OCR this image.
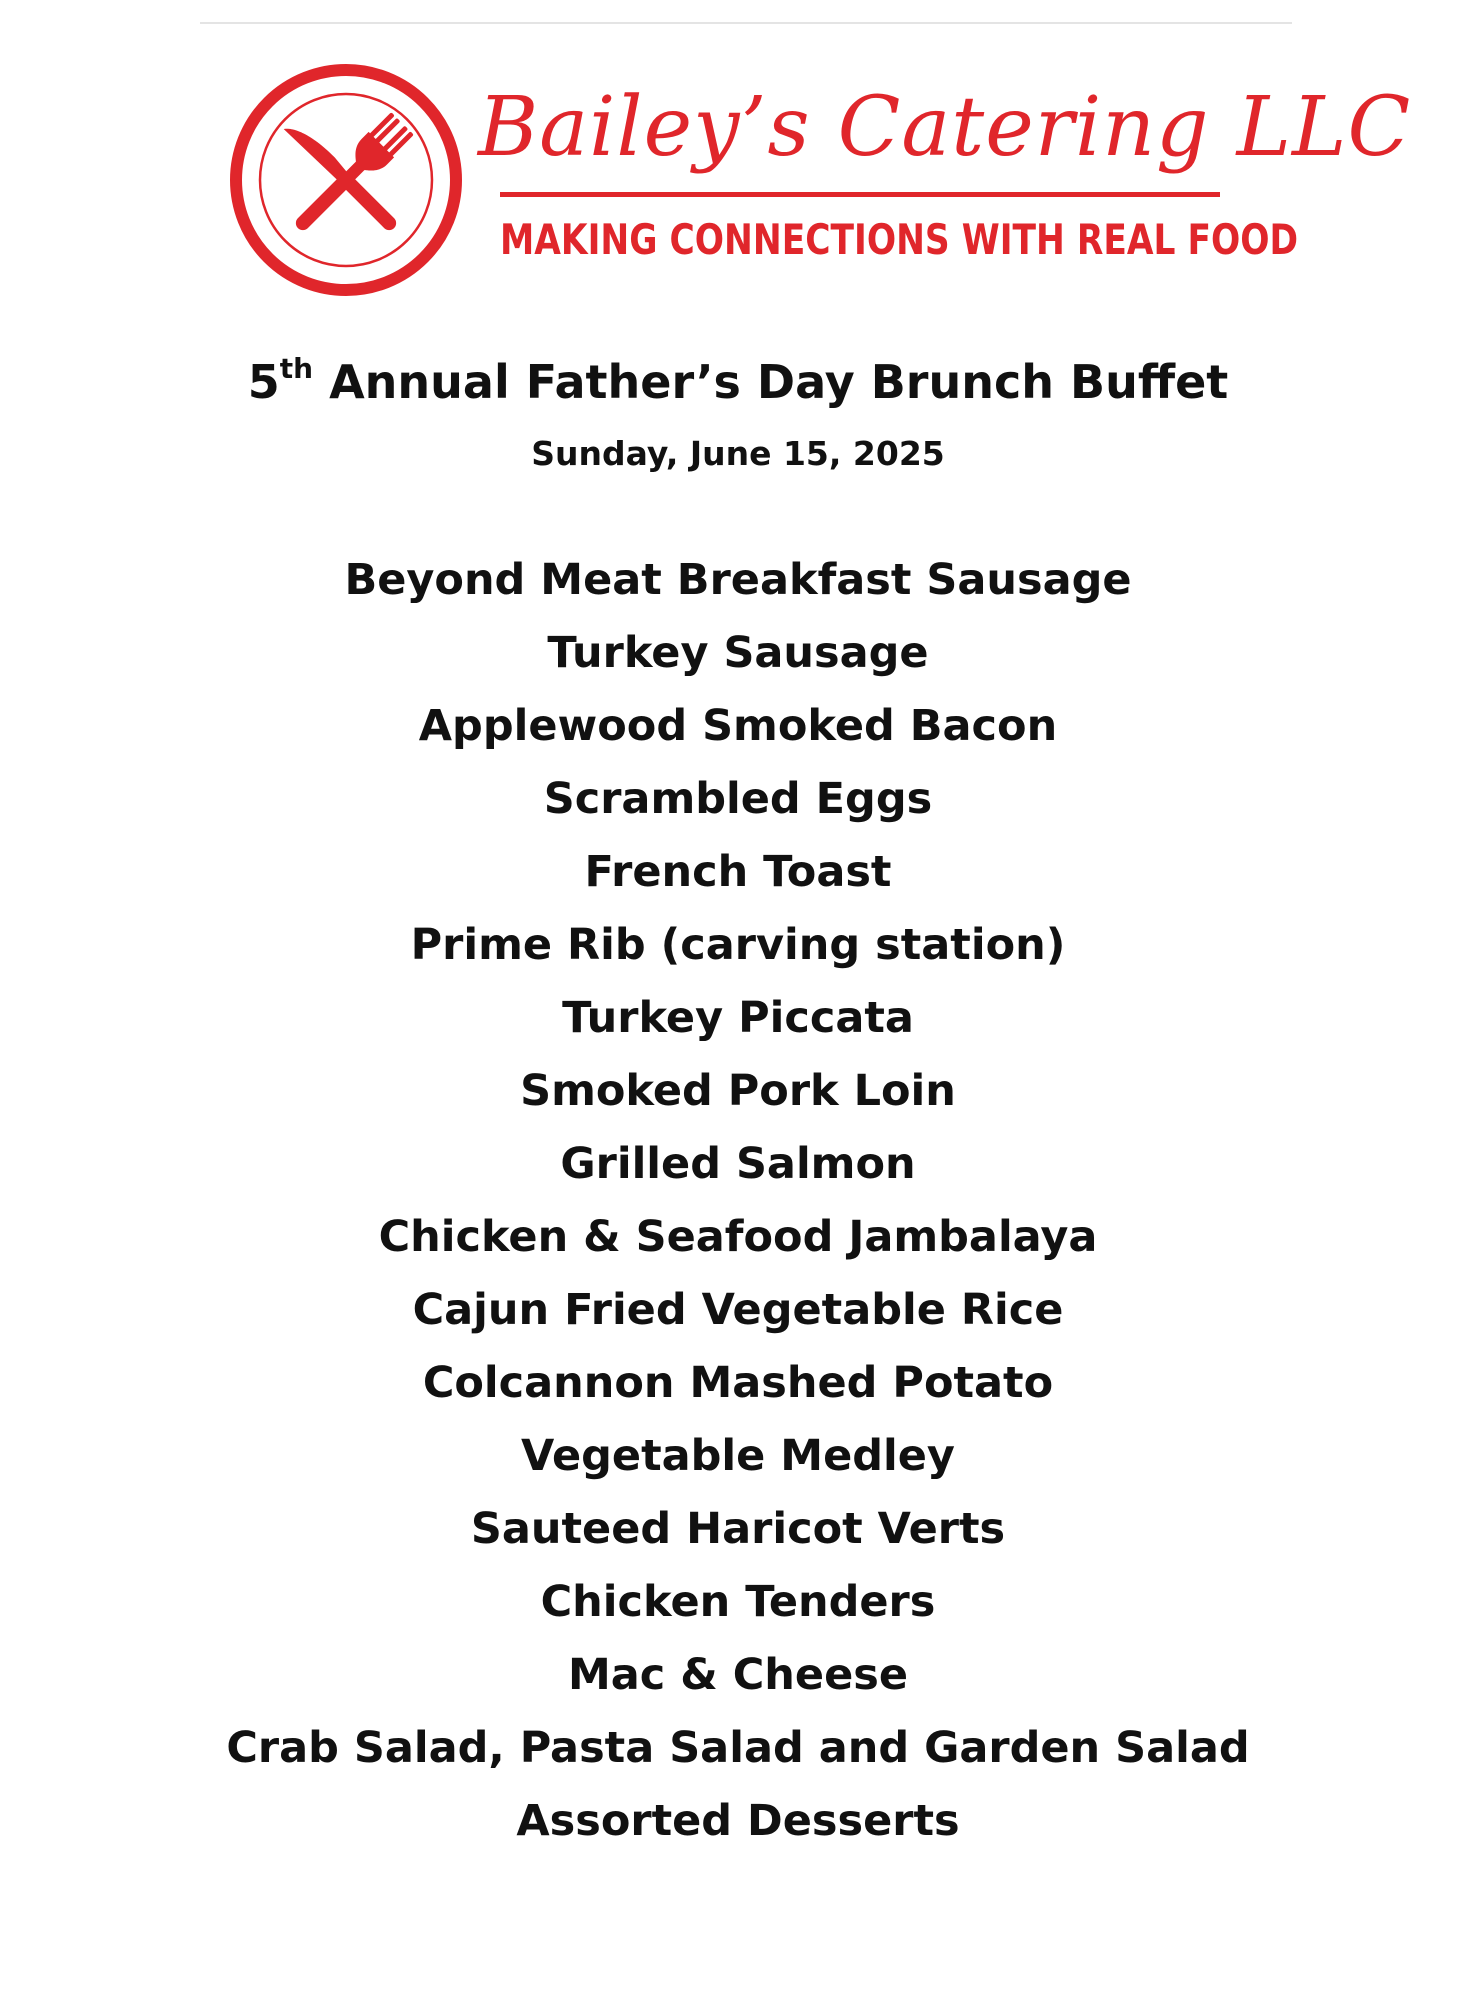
Bailey’s Catering LLC
MAKING CONNECTIONS WITH REAL FOOD
5th Annual Father’s Day Brunch Buffet
Sunday, June 15, 2025
Beyond Meat Breakfast Sausage
Turkey Sausage
Applewood Smoked Bacon
Scrambled Eggs
French Toast
Prime Rib (carving station)
Turkey Piccata
Smoked Pork Loin
Grilled Salmon
Chicken & Seafood Jambalaya
Cajun Fried Vegetable Rice
Colcannon Mashed Potato
Vegetable Medley
Sauteed Haricot Verts
Chicken Tenders
Mac & Cheese
Crab Salad, Pasta Salad and Garden Salad
Assorted Desserts
